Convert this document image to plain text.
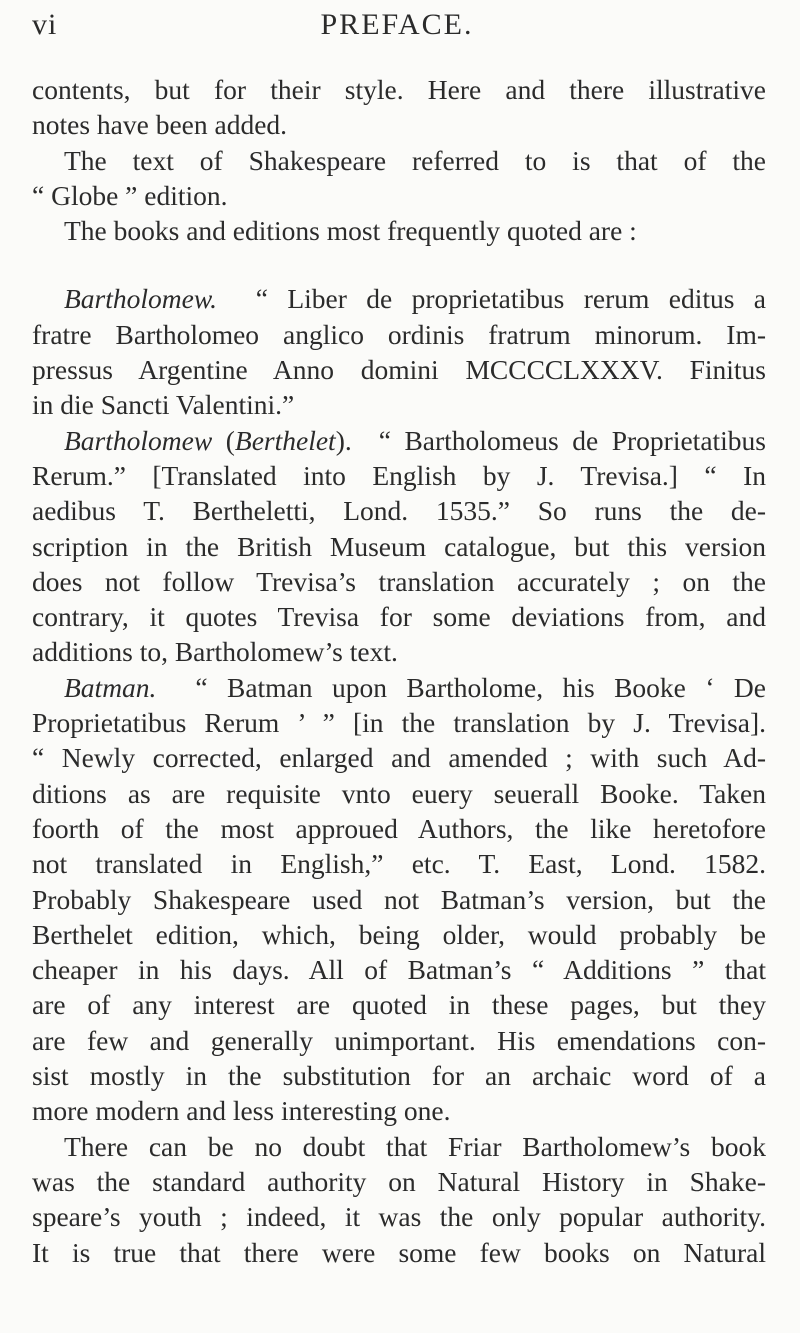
vi	PREFACE.
contents, but for their style. Here and there illustrative
notes have been added.
The text of Shakespeare referred to is that of the
“ Globe ” edition.
The books and editions most frequently quoted are :
Bartholomew. “ Liber de proprietatibus rerum editus a
fratre Bartholomeo anglico ordinis fratrum minorum. Im-
pressus Argentine Anno domini MCCCCLXXXV. Finitus
in die Sancti Valentini.”
Bartholomew (Berthelet). “ Bartholomeus de Proprietatibus
Rerum.” [Translated into English by J. Trevisa.] “ In
aedibus T. Bertheletti, Lond. 1535.” So runs the de-
scription in the British Museum catalogue, but this version
does not follow Trevisa’s translation accurately ; on the
contrary, it quotes Trevisa for some deviations from, and
additions to, Bartholomew’s text.
Batman. “ Batman upon Bartholome, his Booke ‘ De
Proprietatibus Rerum ’ ” [in the translation by J. Trevisa].
“ Newly corrected, enlarged and amended ; with such Ad-
ditions as are requisite vnto euery seuerall Booke. Taken
foorth of the most approued Authors, the like heretofore
not translated in English,” etc. T. East, Lond. 1582.
Probably Shakespeare used not Batman’s version, but the
Berthelet edition, which, being older, would probably be
cheaper in his days. All of Batman’s “ Additions ” that
are of any interest are quoted in these pages, but they
are few and generally unimportant. His emendations con-
sist mostly in the substitution for an archaic word of a
more modern and less interesting one.
There can be no doubt that Friar Bartholomew’s book
was the standard authority on Natural History in Shake-
speare’s youth ; indeed, it was the only popular authority.
It is true that there were some few books on Natural
